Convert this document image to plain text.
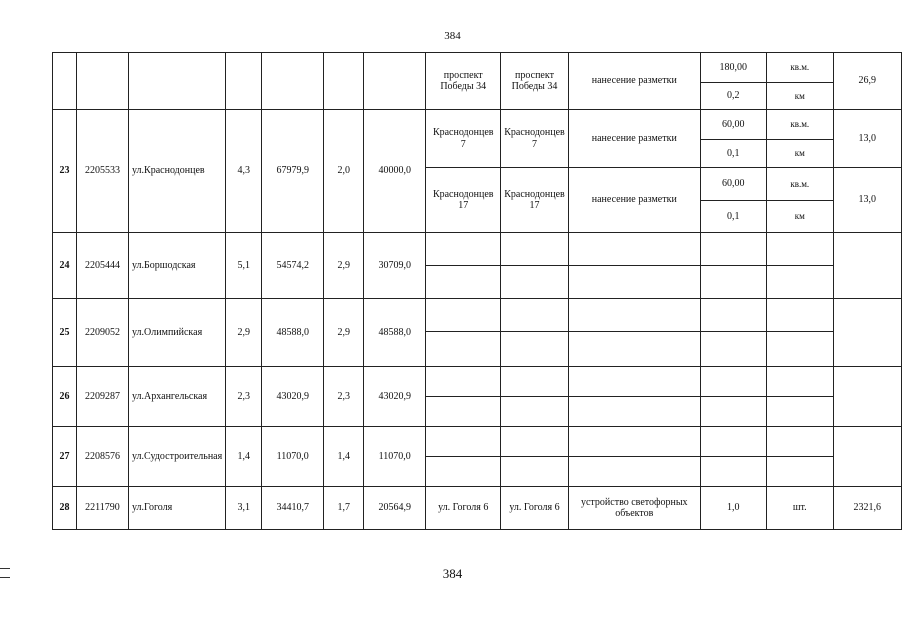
384
							проспект Победы 34	проспект Победы 34	нанесение разметки	180,00	кв.м.	26,9
										0,2	км	
23	2205533	ул.Краснодонцев	4,3	67979,9	2,0	40000,0	Краснодонцев 7	Краснодонцев 7	нанесение разметки	60,00	кв.м.	13,0
										0,1	км	
							Краснодонцев 17	Краснодонцев 17	нанесение разметки	60,00	кв.м.	13,0
										0,1	км	
24	2205444	ул.Боршодская	5,1	54574,2	2,9	30709,0						

25	2209052	ул.Олимпийская	2,9	48588,0	2,9	48588,0						

26	2209287	ул.Архангельская	2,3	43020,9	2,3	43020,9						

27	2208576	ул.Судостроительная	1,4	11070,0	1,4	11070,0						

28	2211790	ул.Гоголя	3,1	34410,7	1,7	20564,9	ул. Гоголя 6	ул. Гоголя 6	устройство светофорных объектов	1,0	шт.	2321,6
384
